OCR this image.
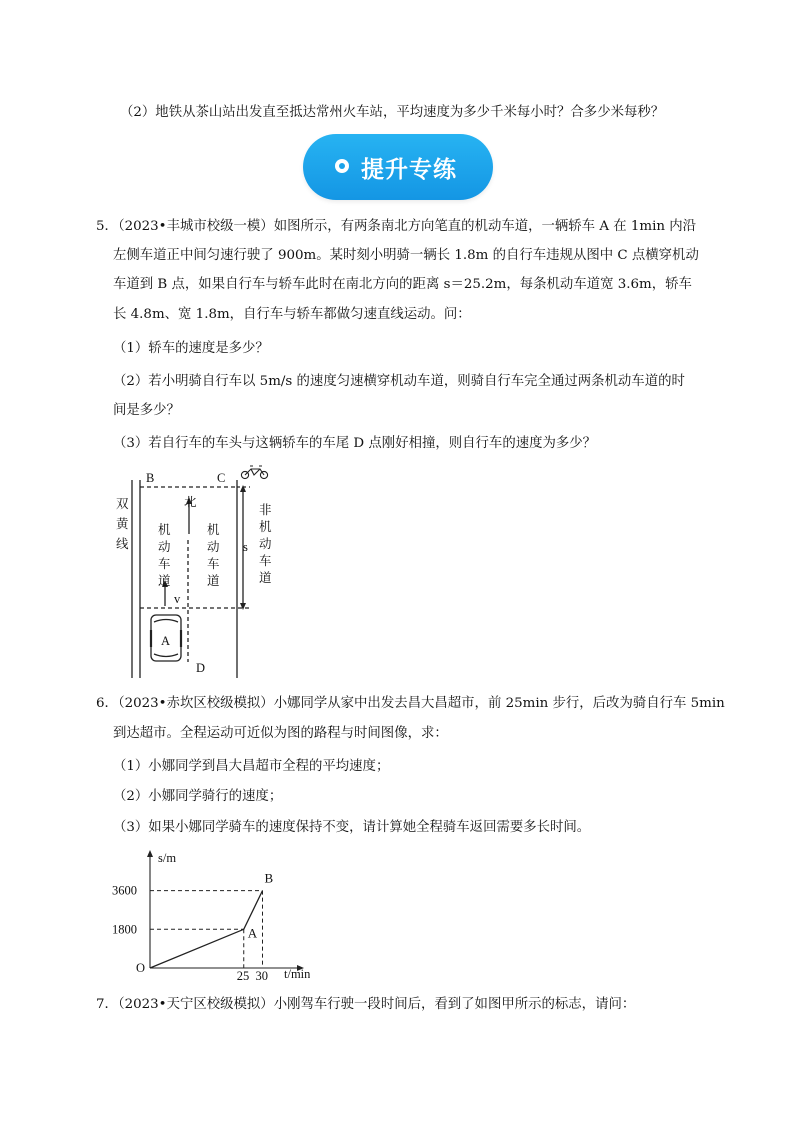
（2）地铁从茶山站出发直至抵达常州火车站，平均速度为多少千米每小时？合多少米每秒？
提升专练
5．（2023•丰城市校级一模）如图所示，有两条南北方向笔直的机动车道，一辆轿车 A 在 1min 内沿
左侧车道正中间匀速行驶了 900m。某时刻小明骑一辆长 1.8m 的自行车违规从图中 C 点横穿机动
车道到 B 点，如果自行车与轿车此时在南北方向的距离 s＝25.2m，每条机动车道宽 3.6m，轿车
长 4.8m、宽 1.8m，自行车与轿车都做匀速直线运动。问：
（1）轿车的速度是多少？
（2）若小明骑自行车以 5m/s 的速度匀速横穿机动车道，则骑自行车完全通过两条机动车道的时
间是多少？
（3）若自行车的车头与这辆轿车的车尾 D 点刚好相撞，则自行车的速度为多少？
B	C
D
A
北
s
v
双
黄
线
机
动
车
道
机
动
车
道
非
机
动
车
道
6．（2023•赤坎区校级模拟）小娜同学从家中出发去昌大昌超市，前 25min 步行，后改为骑自行车 5min
到达超市。全程运动可近似为图的路程与时间图像，求：
（1）小娜同学到昌大昌超市全程的平均速度；
（2）小娜同学骑行的速度；
（3）如果小娜同学骑车的速度保持不变，请计算她全程骑车返回需要多长时间。
25 30
1800
3600
A
B
s/m
t/min
O
7．（2023•天宁区校级模拟）小刚驾车行驶一段时间后，看到了如图甲所示的标志，请问：
